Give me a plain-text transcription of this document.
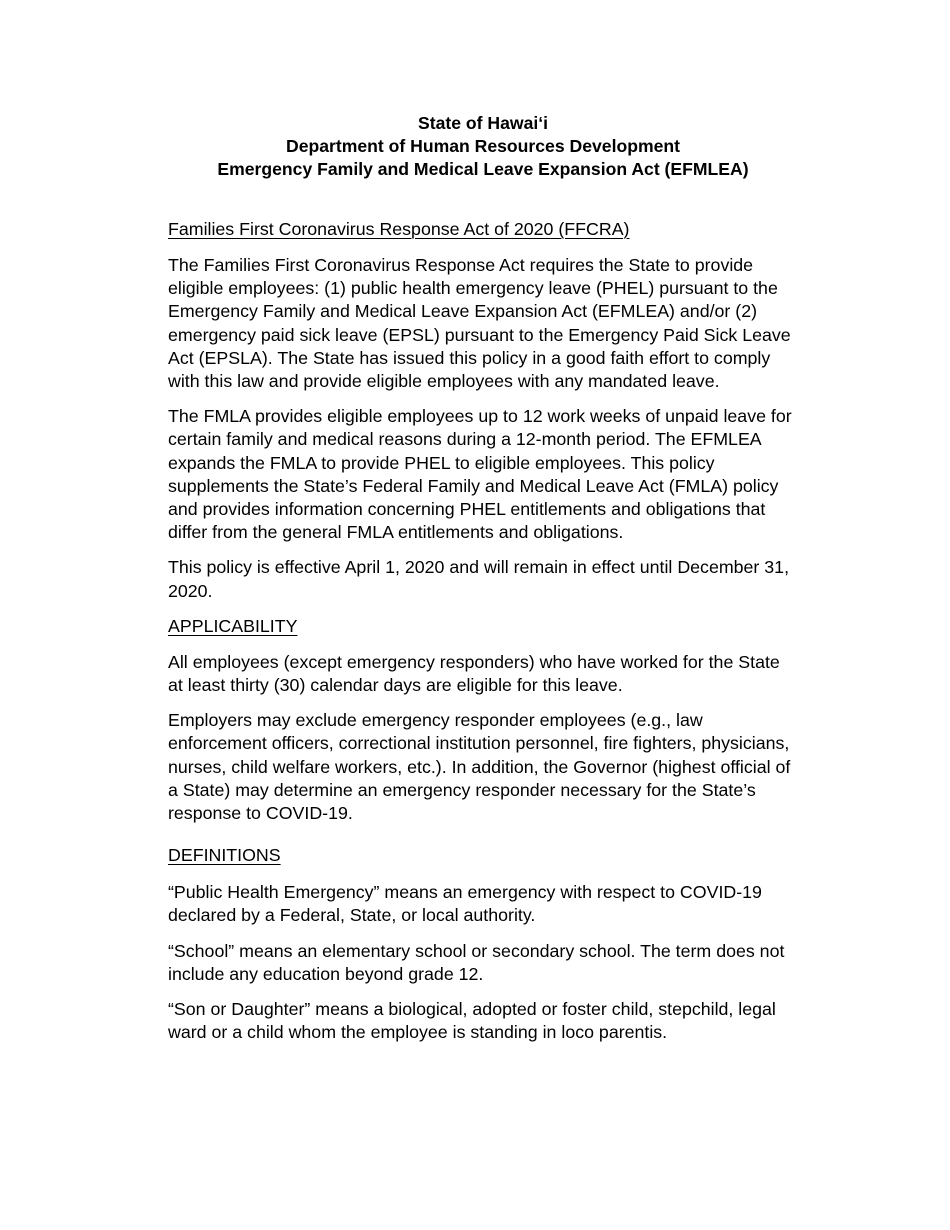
State of Hawai‘i
Department of Human Resources Development
Emergency Family and Medical Leave Expansion Act (EFMLEA)
Families First Coronavirus Response Act of 2020 (FFCRA)

The Families First Coronavirus Response Act requires the State to provide eligible employees: (1) public health emergency leave (PHEL) pursuant to the Emergency Family and Medical Leave Expansion Act (EFMLEA) and/or (2) emergency paid sick leave (EPSL) pursuant to the Emergency Paid Sick Leave Act (EPSLA). The State has issued this policy in a good faith effort to comply with this law and provide eligible employees with any mandated leave.

The FMLA provides eligible employees up to 12 work weeks of unpaid leave for certain family and medical reasons during a 12-month period. The EFMLEA expands the FMLA to provide PHEL to eligible employees. This policy supplements the State’s Federal Family and Medical Leave Act (FMLA) policy and provides information concerning PHEL entitlements and obligations that differ from the general FMLA entitlements and obligations.

This policy is effective April 1, 2020 and will remain in effect until December 31, 2020.

APPLICABILITY

All employees (except emergency responders) who have worked for the State at least thirty (30) calendar days are eligible for this leave.

Employers may exclude emergency responder employees (e.g., law enforcement officers, correctional institution personnel, fire fighters, physicians, nurses, child welfare workers, etc.). In addition, the Governor (highest official of a State) may determine an emergency responder necessary for the State’s response to COVID-19.

DEFINITIONS

“Public Health Emergency” means an emergency with respect to COVID-19 declared by a Federal, State, or local authority.

“School” means an elementary school or secondary school. The term does not include any education beyond grade 12.

“Son or Daughter” means a biological, adopted or foster child, stepchild, legal ward or a child whom the employee is standing in loco parentis.
